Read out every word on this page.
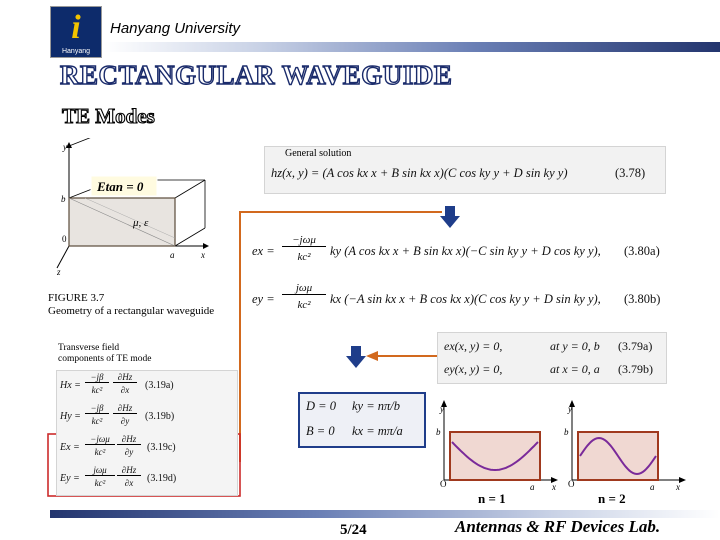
i
Hanyang
Hanyang University
RECTANGULAR WAVEGUIDE
TE Modes
Etan = 0
μ, ε
y
b
0
a	x
z
FIGURE 3.7
Geometry of a rectangular waveguide
General solution
hz(x, y) = (A cos kx x + B sin kx x)(C cos ky y + D sin ky y)	(3.78)
ex =
−jωμ
kc²	ky (A cos kx x + B sin kx x)(−C sin ky y + D cos ky y), (3.80a)
ey =
jωμ
kc²	kx (−A sin kx x + B cos kx x)(C cos ky y + D sin ky y), (3.80b)
ex(x, y) = 0,	at y = 0, b (3.79a)
ey(x, y) = 0,	at x = 0, a (3.79b)
Transverse field
components of TE mode
Hx =
−jβ
kc²
∂Hz
∂x	(3.19a)
Hy =
−jβ
kc²
∂Hz
∂y	(3.19b)
Ex =
−jωμ
kc²
∂Hz
∂y	(3.19c)
Ey =
jωμ
kc²
∂Hz
∂x	(3.19d)
D = 0 ky = nπ/b
B = 0 kx = mπ/a
y
b
O	a x
n = 1
y
b
O	a x
n = 2
5/24	Antennas & RF Devices Lab.
